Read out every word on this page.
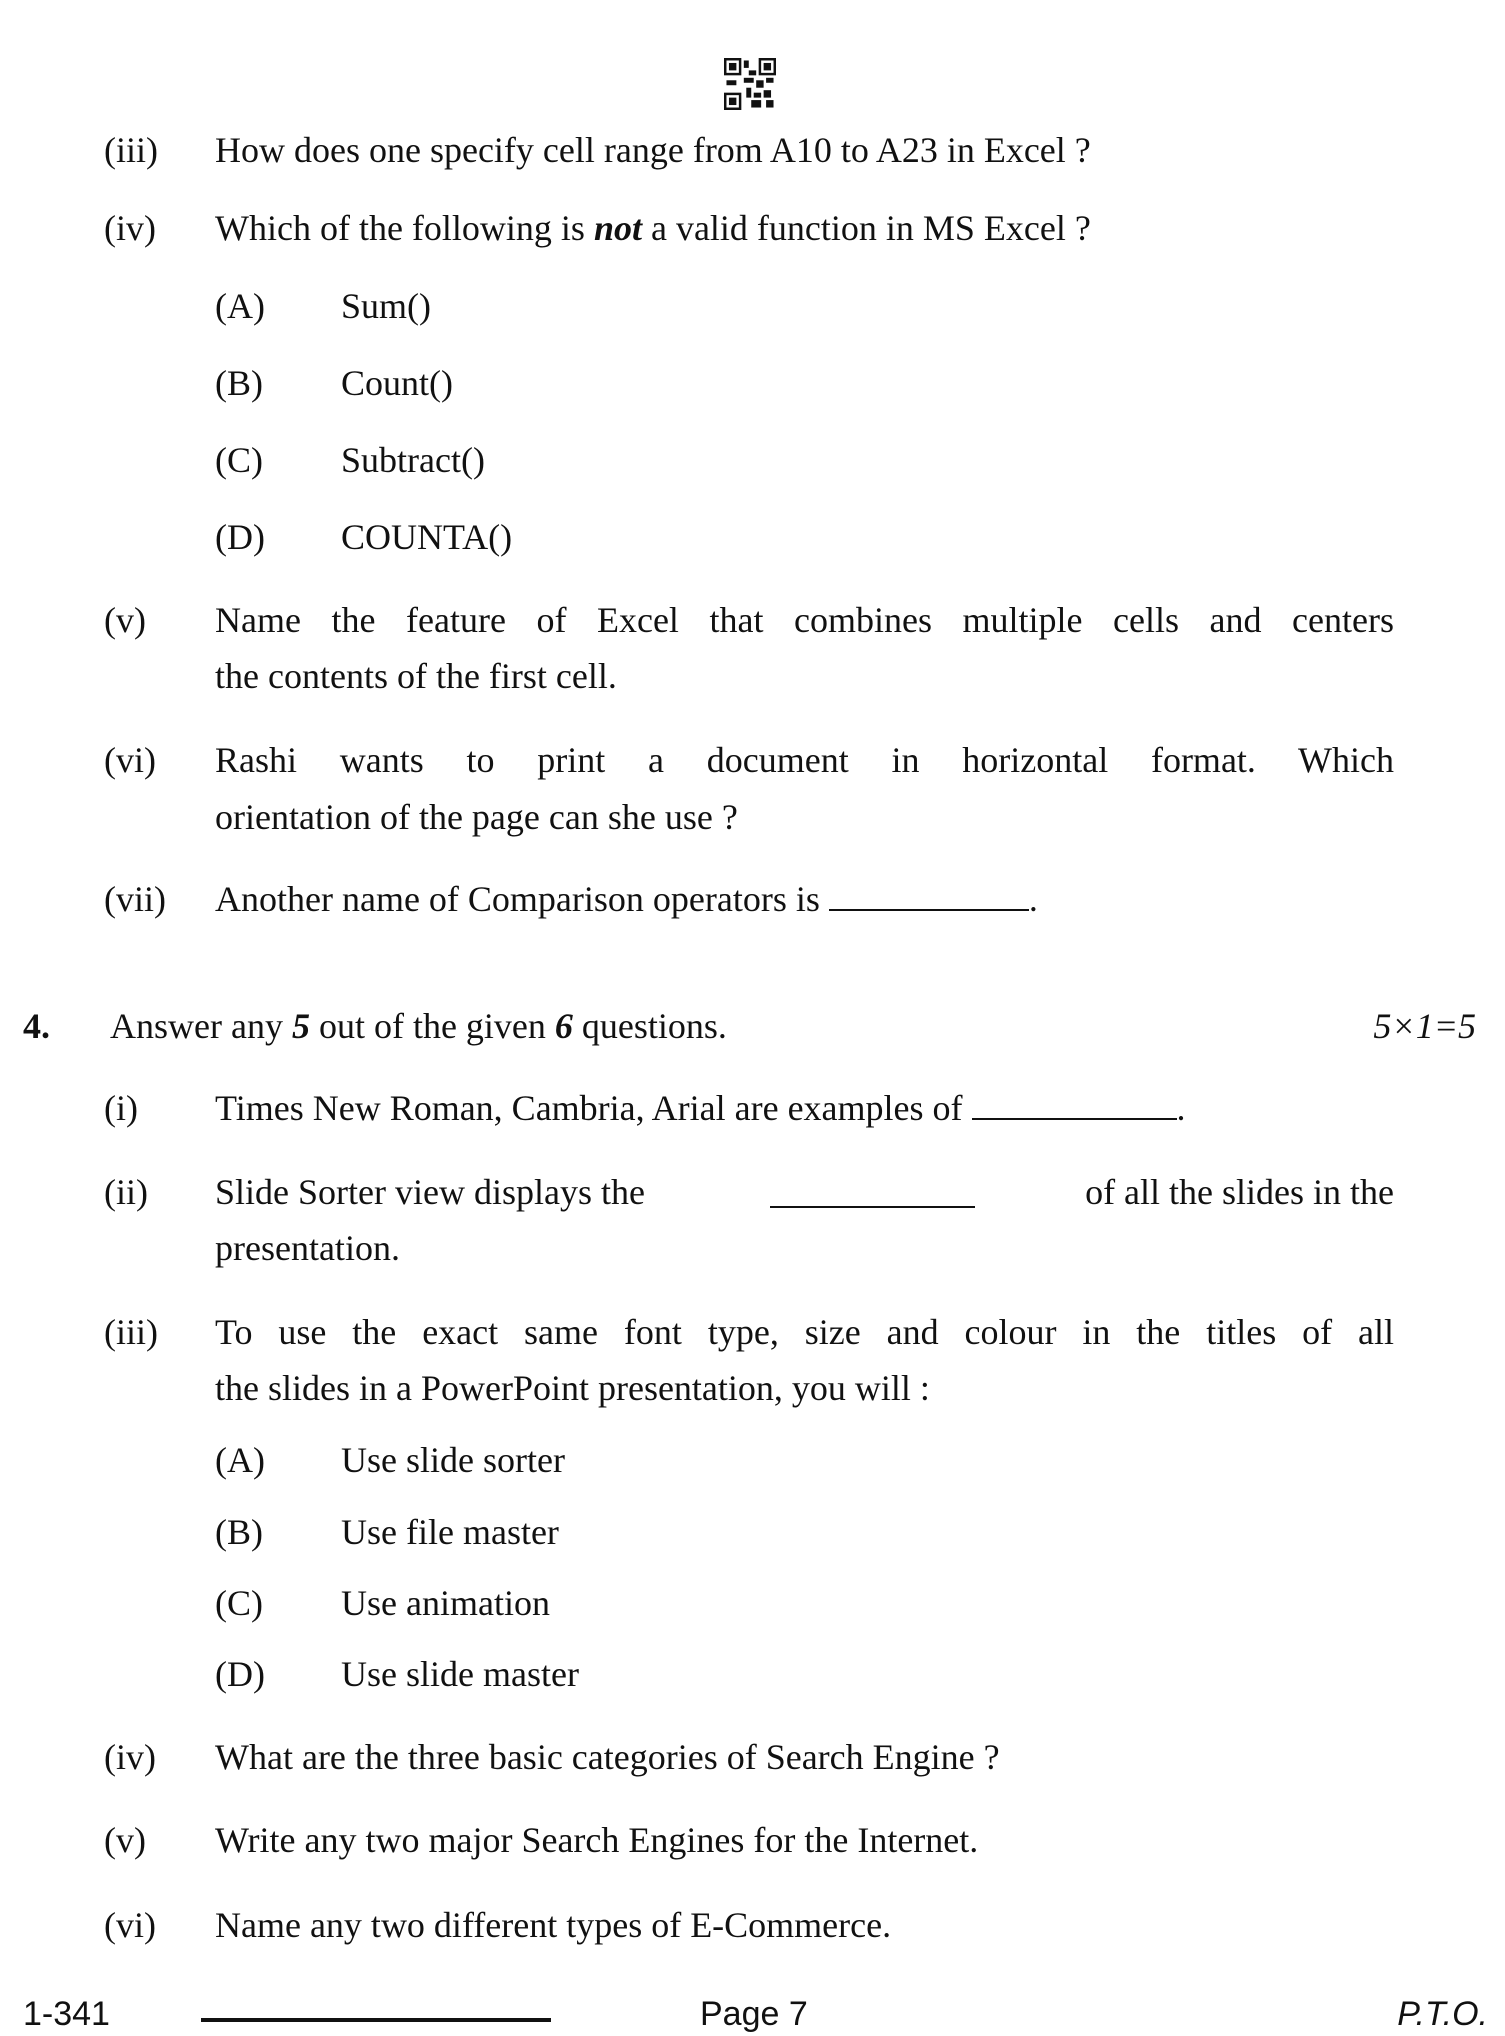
(iii) How does one specify cell range from A10 to A23 in Excel ?
(iv) Which of the following is not a valid function in MS Excel ?
(A) Sum()
(B) Count()
(C) Subtract()
(D) COUNTA()
(v) Name the feature of Excel that combines multiple cells and centers
the contents of the first cell.
(vi) Rashi wants to print a document in horizontal format. Which
orientation of the page can she use ?
(vii) Another name of Comparison operators is	.
4. Answer any 5 out of the given 6 questions.	5×1=5
(i) Times New Roman, Cambria, Arial are examples of	.
(ii) Slide Sorter view displays the	of all the slides in the
presentation.
(iii) To use the exact same font type, size and colour in the titles of all
the slides in a PowerPoint presentation, you will :
(A) Use slide sorter
(B) Use file master
(C) Use animation
(D) Use slide master
(iv) What are the three basic categories of Search Engine ?
(v) Write any two major Search Engines for the Internet.
(vi) Name any two different types of E-Commerce.
1-341	Page 7	P.T.O.
